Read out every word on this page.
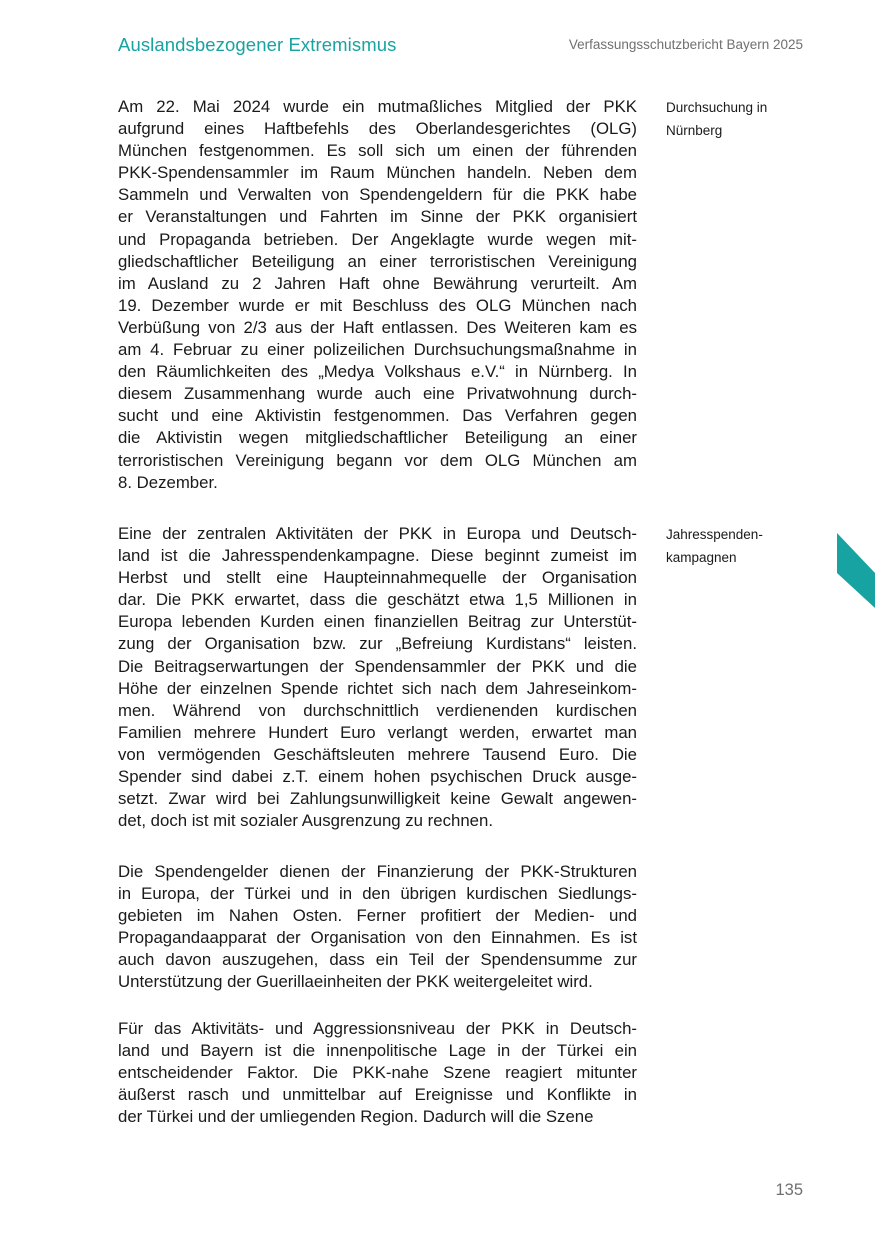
Auslandsbezogener Extremismus	Verfassungsschutzbericht Bayern 2025

Am 22. Mai 2024 wurde ein mutmaßliches Mitglied der PKK
aufgrund eines Haftbefehls des Oberlandesgerichtes (OLG)
München festgenommen. Es soll sich um einen der führenden
PKK-Spendensammler im Raum München handeln. Neben dem
Sammeln und Verwalten von Spendengeldern für die PKK habe
er Veranstaltungen und Fahrten im Sinne der PKK organisiert
und Propaganda betrieben. Der Angeklagte wurde wegen mit-
gliedschaftlicher Beteiligung an einer terroristischen Vereinigung
im Ausland zu 2 Jahren Haft ohne Bewährung verurteilt. Am
19. Dezember wurde er mit Beschluss des OLG München nach
Verbüßung von 2/3 aus der Haft entlassen. Des Weiteren kam es
am 4. Februar zu einer polizeilichen Durchsuchungsmaßnahme in
den Räumlichkeiten des „Medya Volkshaus e.V.“ in Nürnberg. In
diesem Zusammenhang wurde auch eine Privatwohnung durch-
sucht und eine Aktivistin festgenommen. Das Verfahren gegen
die Aktivistin wegen mitgliedschaftlicher Beteiligung an einer
terroristischen Vereinigung begann vor dem OLG München am
8. Dezember.

Eine der zentralen Aktivitäten der PKK in Europa und Deutsch-
land ist die Jahresspendenkampagne. Diese beginnt zumeist im
Herbst und stellt eine Haupteinnahmequelle der Organisation
dar. Die PKK erwartet, dass die geschätzt etwa 1,5 Millionen in
Europa lebenden Kurden einen finanziellen Beitrag zur Unterstüt-
zung der Organisation bzw. zur „Befreiung Kurdistans“ leisten.
Die Beitragserwartungen der Spendensammler der PKK und die
Höhe der einzelnen Spende richtet sich nach dem Jahreseinkom-
men. Während von durchschnittlich verdienenden kurdischen
Familien mehrere Hundert Euro verlangt werden, erwartet man
von vermögenden Geschäftsleuten mehrere Tausend Euro. Die
Spender sind dabei z.T. einem hohen psychischen Druck ausge-
setzt. Zwar wird bei Zahlungsunwilligkeit keine Gewalt angewen-
det, doch ist mit sozialer Ausgrenzung zu rechnen.

Die Spendengelder dienen der Finanzierung der PKK-Strukturen
in Europa, der Türkei und in den übrigen kurdischen Siedlungs-
gebieten im Nahen Osten. Ferner profitiert der Medien- und
Propagandaapparat der Organisation von den Einnahmen. Es ist
auch davon auszugehen, dass ein Teil der Spendensumme zur
Unterstützung der Guerillaeinheiten der PKK weitergeleitet wird.

Für das Aktivitäts- und Aggressionsniveau der PKK in Deutsch-
land und Bayern ist die innenpolitische Lage in der Türkei ein
entscheidender Faktor. Die PKK-nahe Szene reagiert mitunter
äußerst rasch und unmittelbar auf Ereignisse und Konflikte in
der Türkei und der umliegenden Region. Dadurch will die Szene

Durchsuchung in
Nürnberg
Jahresspenden-
kampagnen
135
